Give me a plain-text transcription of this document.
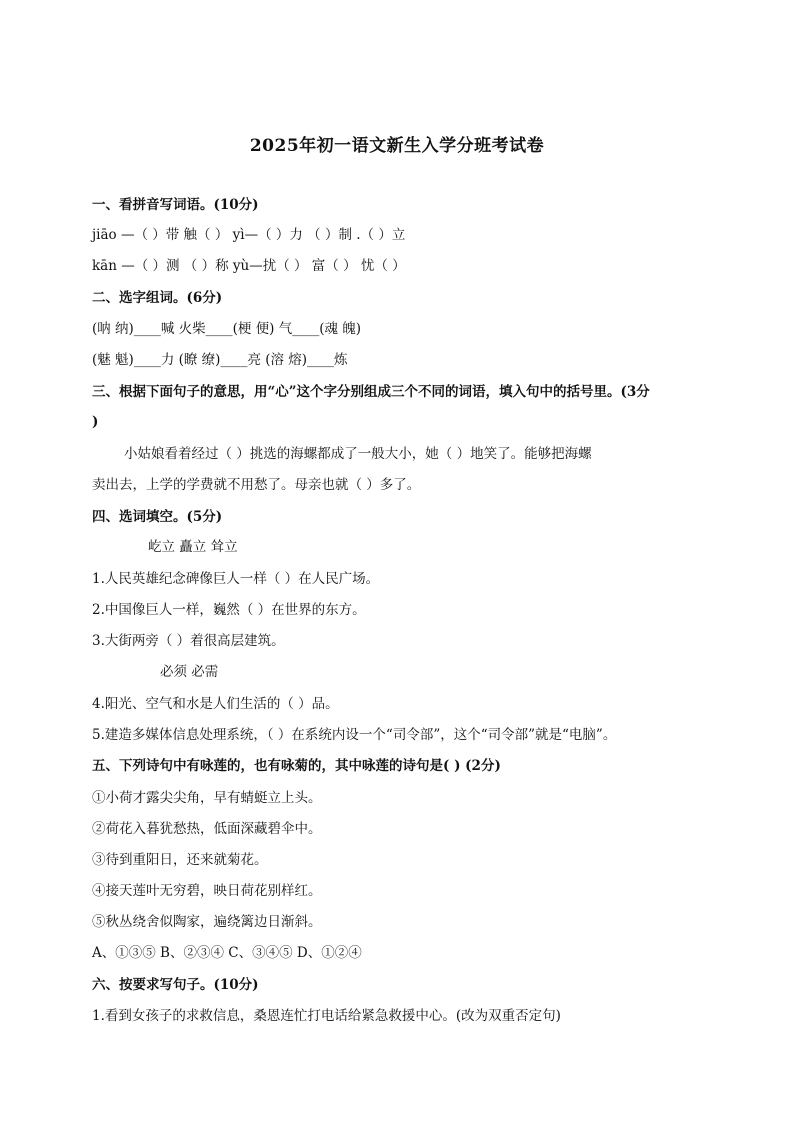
2025年初一语文新生入学分班考试卷
一、看拼音写词语。(10分)
jiāo —（ ）带 触（ ） yì—（ ）力 （ ）制 .（ ）立
kān —（ ）测 （ ）称 yù—扰（ ） 富（ ） 忧（ ）
二、选字组词。(6分)
(呐 纳)____喊 火柴____(梗 便) 气____(魂 魄)
(魅 魁)____力 (瞭 缭)____亮 (溶 熔)____炼
三、根据下面句子的意思，用“心”这个字分别组成三个不同的词语，填入句中的括号里。(3分
)
小姑娘看着经过（ ）挑选的海螺都成了一般大小，她（ ）地笑了。能够把海螺
卖出去，上学的学费就不用愁了。母亲也就（ ）多了。
四、选词填空。(5分)
屹立 矗立 耸立
1.人民英雄纪念碑像巨人一样（ ）在人民广场。
2.中国像巨人一样，巍然（ ）在世界的东方。
3.大街两旁（ ）着很高层建筑。
必须 必需
4.阳光、空气和水是人们生活的（ ）品。
5.建造多媒体信息处理系统，（ ）在系统内设一个“司令部”，这个“司令部”就是“电脑”。
五、下列诗句中有咏莲的，也有咏菊的，其中咏莲的诗句是( ) (2分)
①小荷才露尖尖角，早有蜻蜓立上头。
②荷花入暮犹愁热，低面深藏碧伞中。
③待到重阳日，还来就菊花。
④接天莲叶无穷碧，映日荷花别样红。
⑤秋丛绕舍似陶家，遍绕篱边日渐斜。
A、①③⑤ B、②③④ C、③④⑤ D、①②④
六、按要求写句子。(10分)
1.看到女孩子的求救信息，桑恩连忙打电话给紧急救援中心。(改为双重否定句)
